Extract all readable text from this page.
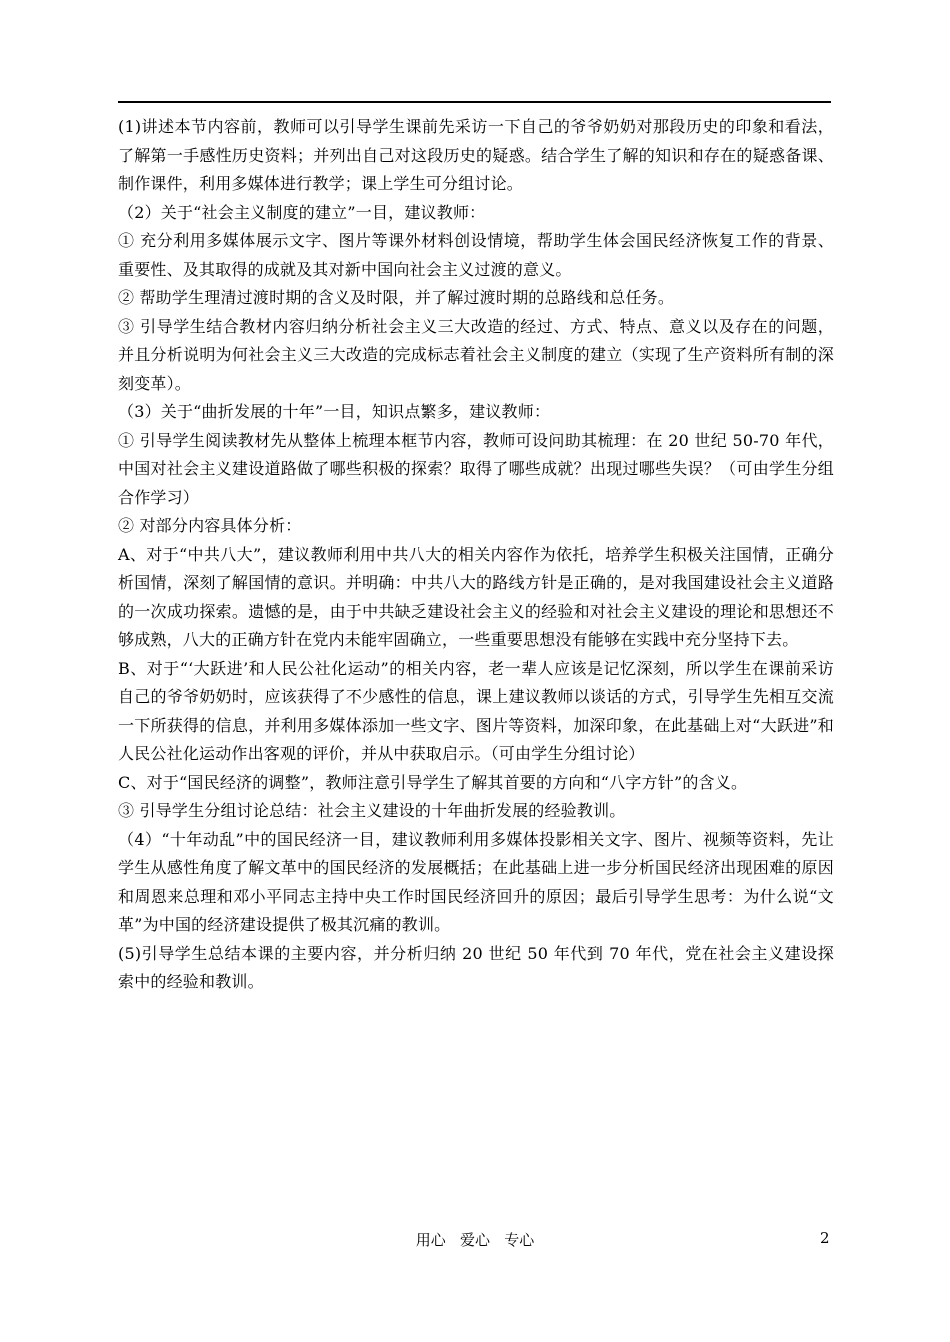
(1)讲述本节内容前，教师可以引导学生课前先采访一下自己的爷爷奶奶对那段历史的印象和看法，了解第一手感性历史资料；并列出自己对这段历史的疑惑。结合学生了解的知识和存在的疑惑备课、制作课件，利用多媒体进行教学；课上学生可分组讨论。

（2）关于“社会主义制度的建立”一目，建议教师：

① 充分利用多媒体展示文字、图片等课外材料创设情境，帮助学生体会国民经济恢复工作的背景、重要性、及其取得的成就及其对新中国向社会主义过渡的意义。

② 帮助学生理清过渡时期的含义及时限，并了解过渡时期的总路线和总任务。

③ 引导学生结合教材内容归纳分析社会主义三大改造的经过、方式、特点、意义以及存在的问题，并且分析说明为何社会主义三大改造的完成标志着社会主义制度的建立（实现了生产资料所有制的深刻变革）。

（3）关于“曲折发展的十年”一目，知识点繁多，建议教师：

① 引导学生阅读教材先从整体上梳理本框节内容，教师可设问助其梳理：在 20 世纪 50-70 年代，中国对社会主义建设道路做了哪些积极的探索？取得了哪些成就？出现过哪些失误？（可由学生分组合作学习）

② 对部分内容具体分析：

A、对于“中共八大”，建议教师利用中共八大的相关内容作为依托，培养学生积极关注国情，正确分析国情，深刻了解国情的意识。并明确：中共八大的路线方针是正确的，是对我国建设社会主义道路的一次成功探索。遗憾的是，由于中共缺乏建设社会主义的经验和对社会主义建设的理论和思想还不够成熟，八大的正确方针在党内未能牢固确立，一些重要思想没有能够在实践中充分坚持下去。

B、对于“‘大跃进’和人民公社化运动”的相关内容，老一辈人应该是记忆深刻，所以学生在课前采访自己的爷爷奶奶时，应该获得了不少感性的信息，课上建议教师以谈话的方式，引导学生先相互交流一下所获得的信息，并利用多媒体添加一些文字、图片等资料，加深印象，在此基础上对“大跃进”和人民公社化运动作出客观的评价，并从中获取启示。（可由学生分组讨论）

C、对于“国民经济的调整”，教师注意引导学生了解其首要的方向和“八字方针”的含义。

③ 引导学生分组讨论总结：社会主义建设的十年曲折发展的经验教训。

（4）“十年动乱”中的国民经济一目，建议教师利用多媒体投影相关文字、图片、视频等资料，先让学生从感性角度了解文革中的国民经济的发展概括；在此基础上进一步分析国民经济出现困难的原因和周恩来总理和邓小平同志主持中央工作时国民经济回升的原因；最后引导学生思考：为什么说“文革”为中国的经济建设提供了极其沉痛的教训。

(5)引导学生总结本课的主要内容，并分析归纳 20 世纪 50 年代到 70 年代，党在社会主义建设探索中的经验和教训。

用心   爱心   专心	2
